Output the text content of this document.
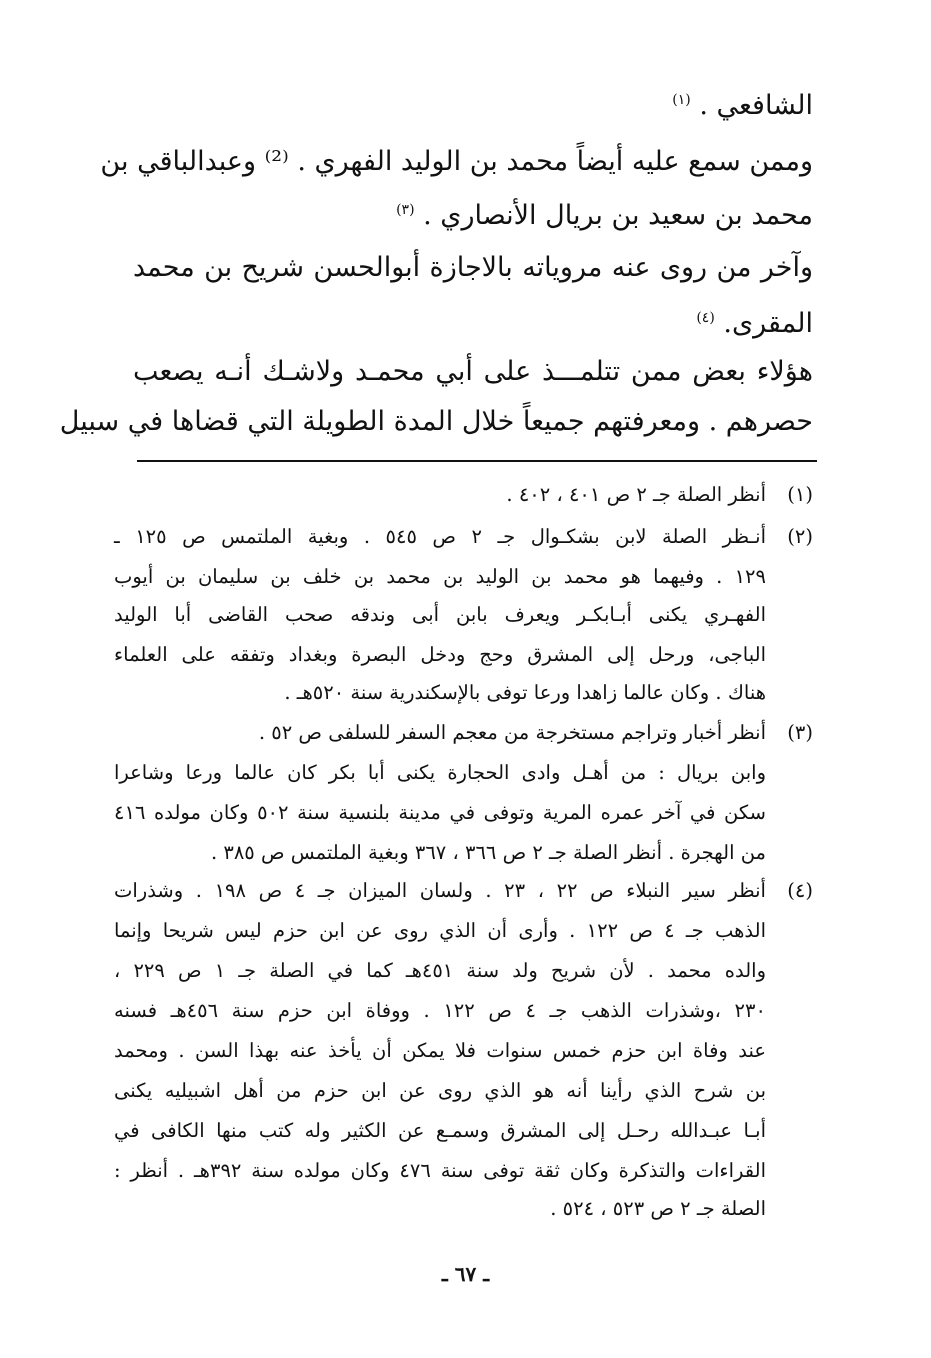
الشافعي . $^{(١)}$
وممن سمع عليه أيضاً محمد بن الوليد الفهري . ⁽²⁾ وعبدالباقي بن
محمد بن سعيد بن بريال الأنصاري . $^{(٣)}$
وآخر من روى عنه مروياته بالاجازة أبوالحسن شريح بن محمد
المقرى. $^{(٤)}$
هؤلاء بعض ممن تتلمـــذ على أبي محمـد ولاشـك أنـه يصعب
حصرهم . ومعرفتهم جميعاً خلال المدة الطويلة التي قضاها في سبيل
(١)
أنظر الصلة جـ ٢ ص ٤٠١ ، ٤٠٢ .
(٢)
أنـظر الصلة لابن بشكـوال جـ ٢ ص ٥٤٥ . وبغية الملتمس ص ١٢٥ ـ
١٢٩ . وفيهما هو محمد بن الوليد بن محمد بن خلف بن سليمان بن أيوب
الفهـري يكنى أبـابكـر ويعرف بابن أبى وندقه صحب القاضى أبا الوليد
الباجى، ورحل إلى المشرق وحج ودخل البصرة وبغداد وتفقه على العلماء
هناك . وكان عالما زاهدا ورعا توفى بالإسكندرية سنة ٥٢٠هـ .
(٣)
أنظر أخبار وتراجم مستخرجة من معجم السفر للسلفى ص ٥٢ .
وابن بريال : من أهـل وادى الحجارة يكنى أبا بكر كان عالما ورعا وشاعرا
سكن في آخر عمره المرية وتوفى في مدينة بلنسية سنة ٥٠٢ وكان مولده ٤١٦
من الهجرة . أنظر الصلة جـ ٢ ص ٣٦٦ ، ٣٦٧ وبغية الملتمس ص ٣٨٥ .
(٤)
أنظر سير النبلاء ص ٢٢ ، ٢٣ . ولسان الميزان جـ ٤ ص ١٩٨ . وشذرات
الذهب جـ ٤ ص ١٢٢ . وأرى أن الذي روى عن ابن حزم ليس شريحا وإنما
والده محمد . لأن شريح ولد سنة ٤٥١هـ كما في الصلة جـ ١ ص ٢٢٩ ،
٢٣٠ ،وشذرات الذهب جـ ٤ ص ١٢٢ . ووفاة ابن حزم سنة ٤٥٦هـ فسنه
عند وفاة ابن حزم خمس سنوات فلا يمكن أن يأخذ عنه بهذا السن . ومحمد
بن شرح الذي رأينا أنه هو الذي روى عن ابن حزم من أهل اشبيليه يكنى
أبـا عبـدالله رحـل إلى المشرق وسمـع عن الكثير وله كتب منها الكافى في
القراءات والتذكرة وكان ثقة توفى سنة ٤٧٦ وكان مولده سنة ٣٩٢هـ . أنظر :
الصلة جـ ٢ ص ٥٢٣ ، ٥٢٤ .
ـ ٦٧ ـ
